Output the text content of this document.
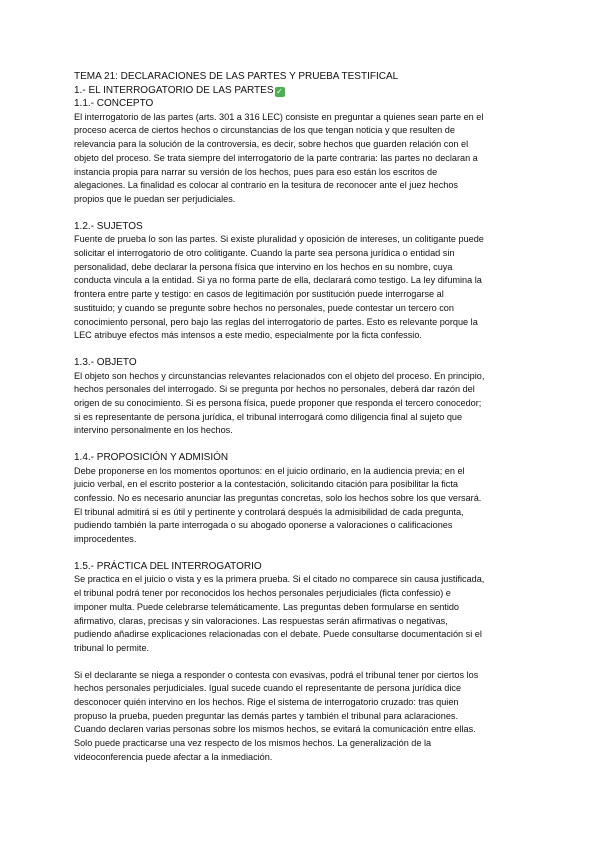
TEMA 21: DECLARACIONES DE LAS PARTES Y PRUEBA TESTIFICAL

1.- EL INTERROGATORIO DE LAS PARTES ✓

1.1.- CONCEPTO

El interrogatorio de las partes (arts. 301 a 316 LEC) consiste en preguntar a quienes sean parte en el

proceso acerca de ciertos hechos o circunstancias de los que tengan noticia y que resulten de

relevancia para la solución de la controversia, es decir, sobre hechos que guarden relación con el

objeto del proceso. Se trata siempre del interrogatorio de la parte contraria: las partes no declaran a

instancia propia para narrar su versión de los hechos, pues para eso están los escritos de

alegaciones. La finalidad es colocar al contrario en la tesitura de reconocer ante el juez hechos

propios que le puedan ser perjudiciales.

1.2.- SUJETOS

Fuente de prueba lo son las partes. Si existe pluralidad y oposición de intereses, un colitigante puede

solicitar el interrogatorio de otro colitigante. Cuando la parte sea persona jurídica o entidad sin

personalidad, debe declarar la persona física que intervino en los hechos en su nombre, cuya

conducta vincula a la entidad. Si ya no forma parte de ella, declarará como testigo. La ley difumina la

frontera entre parte y testigo: en casos de legitimación por sustitución puede interrogarse al

sustituido; y cuando se pregunte sobre hechos no personales, puede contestar un tercero con

conocimiento personal, pero bajo las reglas del interrogatorio de partes. Esto es relevante porque la

LEC atribuye efectos más intensos a este medio, especialmente por la ficta confessio.

1.3.- OBJETO

El objeto son hechos y circunstancias relevantes relacionados con el objeto del proceso. En principio,

hechos personales del interrogado. Si se pregunta por hechos no personales, deberá dar razón del

origen de su conocimiento. Si es persona física, puede proponer que responda el tercero conocedor;

si es representante de persona jurídica, el tribunal interrogará como diligencia final al sujeto que

intervino personalmente en los hechos.

1.4.- PROPOSICIÓN Y ADMISIÓN

Debe proponerse en los momentos oportunos: en el juicio ordinario, en la audiencia previa; en el

juicio verbal, en el escrito posterior a la contestación, solicitando citación para posibilitar la ficta

confessio. No es necesario anunciar las preguntas concretas, solo los hechos sobre los que versará.

El tribunal admitirá si es útil y pertinente y controlará después la admisibilidad de cada pregunta,

pudiendo también la parte interrogada o su abogado oponerse a valoraciones o calificaciones

improcedentes.

1.5.- PRÁCTICA DEL INTERROGATORIO

Se practica en el juicio o vista y es la primera prueba. Si el citado no comparece sin causa justificada,

el tribunal podrá tener por reconocidos los hechos personales perjudiciales (ficta confessio) e

imponer multa. Puede celebrarse telemáticamente. Las preguntas deben formularse en sentido

afirmativo, claras, precisas y sin valoraciones. Las respuestas serán afirmativas o negativas,

pudiendo añadirse explicaciones relacionadas con el debate. Puede consultarse documentación si el

tribunal lo permite.

Si el declarante se niega a responder o contesta con evasivas, podrá el tribunal tener por ciertos los

hechos personales perjudiciales. Igual sucede cuando el representante de persona jurídica dice

desconocer quién intervino en los hechos. Rige el sistema de interrogatorio cruzado: tras quien

propuso la prueba, pueden preguntar las demás partes y también el tribunal para aclaraciones.

Cuando declaren varias personas sobre los mismos hechos, se evitará la comunicación entre ellas.

Solo puede practicarse una vez respecto de los mismos hechos. La generalización de la

videoconferencia puede afectar a la inmediación.
